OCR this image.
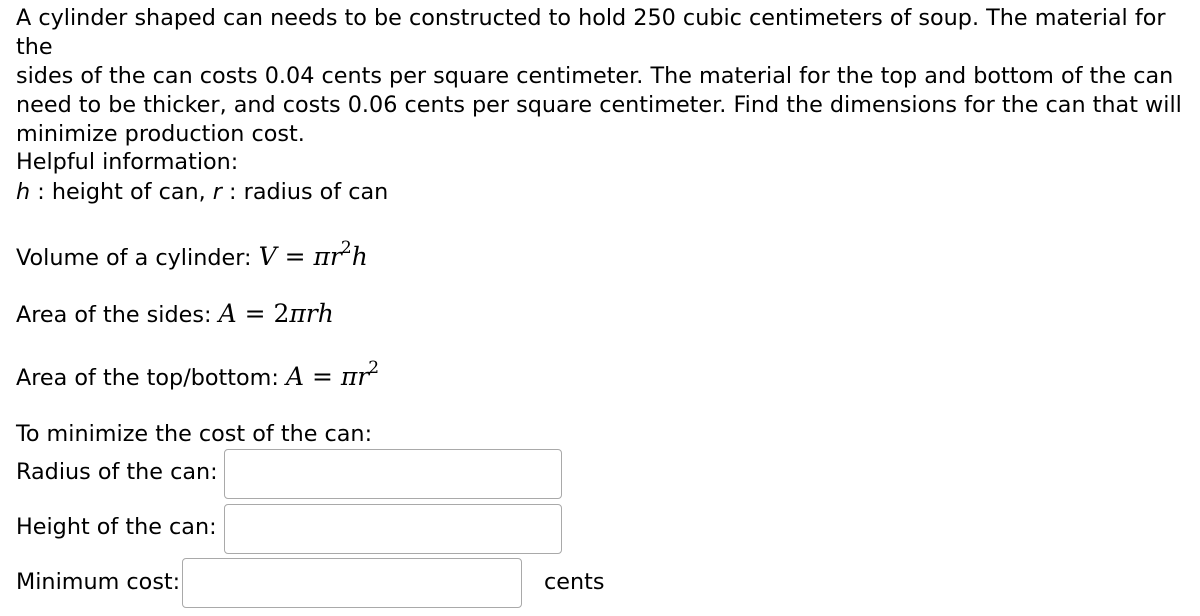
A cylinder shaped can needs to be constructed to hold 250 cubic centimeters of soup. The material for the
sides of the can costs 0.04 cents per square centimeter. The material for the top and bottom of the can
need to be thicker, and costs 0.06 cents per square centimeter. Find the dimensions for the can that will
minimize production cost.
Helpful information:
h : height of can, r : radius of can
Volume of a cylinder: $V = \pi r^2h$
Area of the sides: A = 2πrh
Area of the top/bottom: $A = \pi r^2$
To minimize the cost of the can:
Radius of the can:
Height of the can:
Minimum cost:	cents
